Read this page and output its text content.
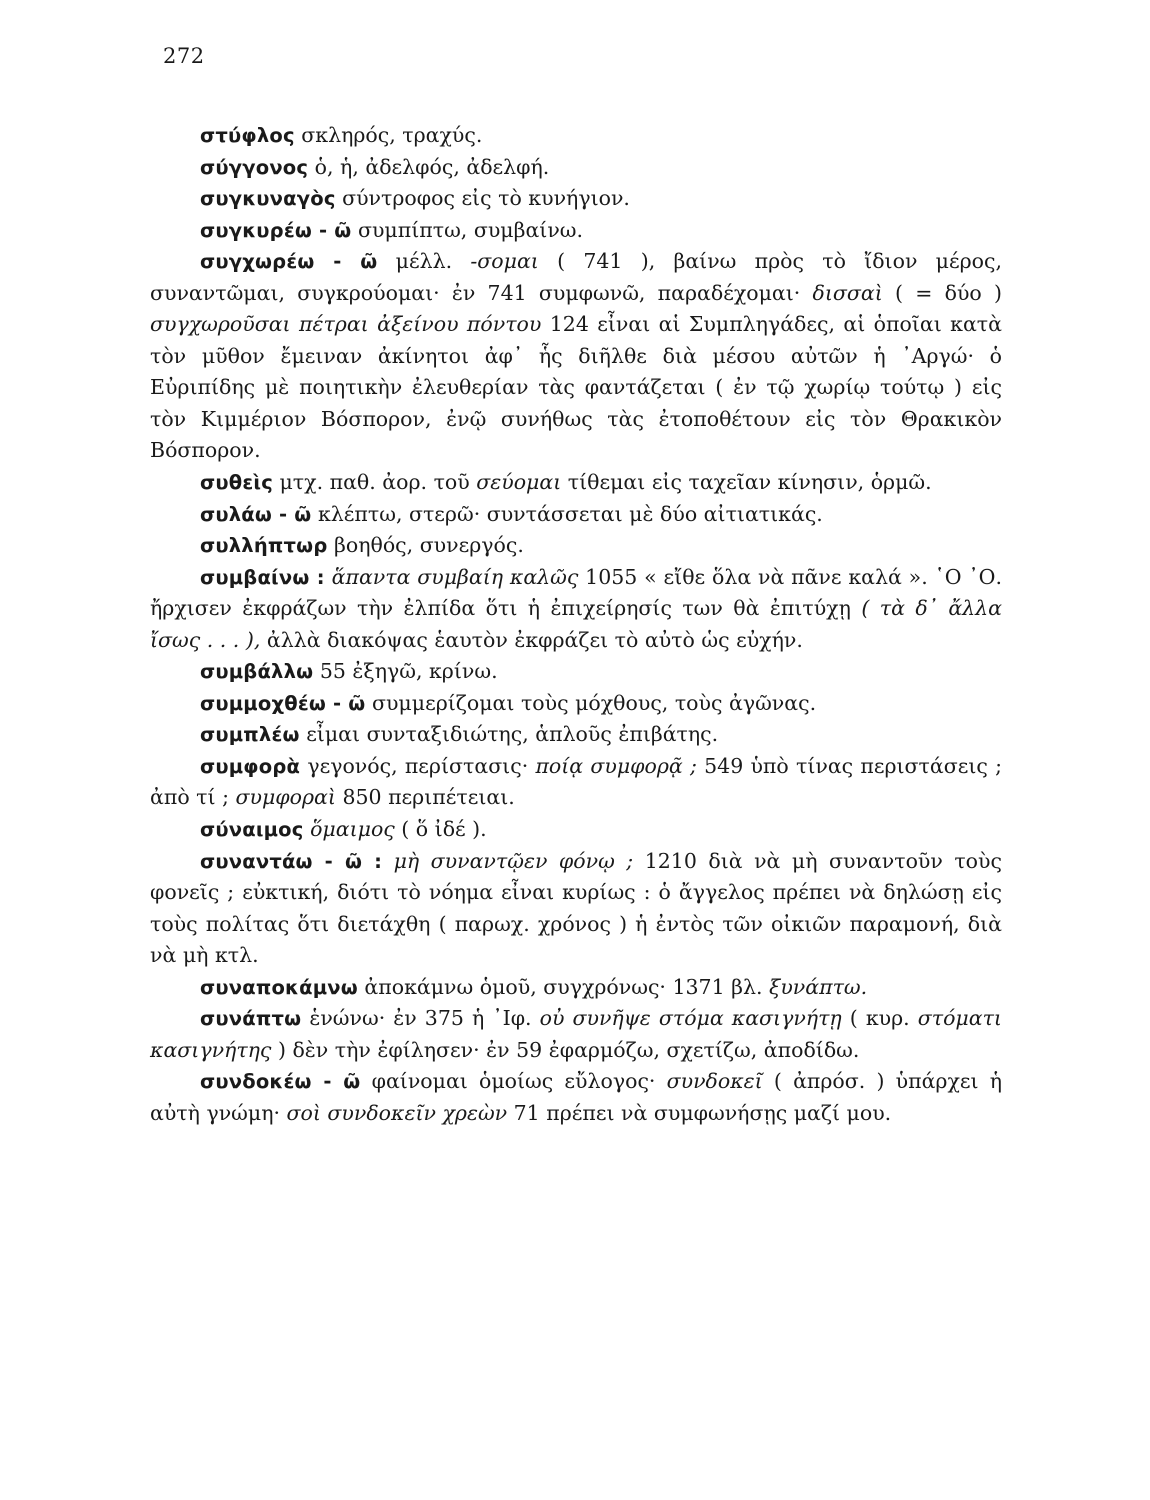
272

στύφλος σκληρός, τραχύς.

σύγγονος ὁ, ἡ, ἀδελφός, ἀδελφή.

συγκυναγὸς σύντροφος εἰς τὸ κυνήγιον.

συγκυρέω - ῶ συμπίπτω, συμβαίνω.

συγχωρέω - ῶ μέλλ. -σομαι ( 741 ), βαίνω πρὸς τὸ ἴδιον μέρος, συναντῶμαι, συγκρούομαι· ἐν 741 συμφωνῶ, παραδέχομαι· δισσαὶ ( = δύο ) συγχωροῦσαι πέτραι ἀξείνου πόντου 124 εἶναι αἱ Συμπληγάδες, αἱ ὁποῖαι κατὰ τὸν μῦθον ἔμειναν ἀκίνητοι ἀφ᾽ ἧς διῆλθε διὰ μέσου αὐτῶν ἡ ᾿Αργώ· ὁ Εὐριπίδης μὲ ποιητικὴν ἐλευθερίαν τὰς φαντάζεται ( ἐν τῷ χωρίῳ τούτῳ ) εἰς τὸν Κιμμέριον Βόσπορον, ἐνῷ συνήθως τὰς ἐτοποθέτουν εἰς τὸν Θρακικὸν Βόσπορον.

συθεὶς μτχ. παθ. ἀορ. τοῦ σεύομαι τίθεμαι εἰς ταχεῖαν κίνησιν, ὁρμῶ.

συλάω - ῶ κλέπτω, στερῶ· συντάσσεται μὲ δύο αἰτιατικάς.

συλλήπτωρ βοηθός, συνεργός.

συμβαίνω : ἅπαντα συμβαίη καλῶς 1055 « εἴθε ὅλα νὰ πᾶνε καλά ». ῾Ο ᾿Ο. ἤρχισεν ἐκφράζων τὴν ἐλπίδα ὅτι ἡ ἐπιχείρησίς των θὰ ἐπιτύχῃ ( τὰ δ᾽ ἄλλα ἴσως . . . ), ἀλλὰ διακόψας ἑαυτὸν ἐκφράζει τὸ αὐτὸ ὡς εὐχήν.

συμβάλλω 55 ἐξηγῶ, κρίνω.

συμμοχθέω - ῶ συμμερίζομαι τοὺς μόχθους, τοὺς ἀγῶνας.

συμπλέω εἶμαι συνταξιδιώτης, ἁπλοῦς ἐπιβάτης.

συμφορὰ γεγονός, περίστασις· ποίᾳ συμφορᾷ ; 549 ὑπὸ τίνας περιστάσεις ; ἀπὸ τί ; συμφοραὶ 850 περιπέτειαι.

σύναιμος ὅμαιμος ( ὅ ἰδέ ).

συναντάω - ῶ : μὴ συναντῷεν φόνῳ ; 1210 διὰ νὰ μὴ συναντοῦν τοὺς φονεῖς ; εὐκτική, διότι τὸ νόημα εἶναι κυρίως : ὁ ἄγγελος πρέπει νὰ δηλώσῃ εἰς τοὺς πολίτας ὅτι διετάχθη ( παρωχ. χρόνος ) ἡ ἐντὸς τῶν οἰκιῶν παραμονή, διὰ νὰ μὴ κτλ.

συναποκάμνω ἀποκάμνω ὁμοῦ, συγχρόνως· 1371 βλ. ξυνάπτω.

συνάπτω ἑνώνω· ἐν 375 ἡ ᾿Ιφ. οὐ συνῆψε στόμα κασιγνήτῃ ( κυρ. στόματι κασιγνήτης ) δὲν τὴν ἐφίλησεν· ἐν 59 ἐφαρμόζω, σχετίζω, ἀποδίδω.

συνδοκέω - ῶ φαίνομαι ὁμοίως εὔλογος· συνδοκεῖ ( ἀπρόσ. ) ὑπάρχει ἡ αὐτὴ γνώμη· σοὶ συνδοκεῖν χρεὼν 71 πρέπει νὰ συμφωνήσῃς μαζί μου.
